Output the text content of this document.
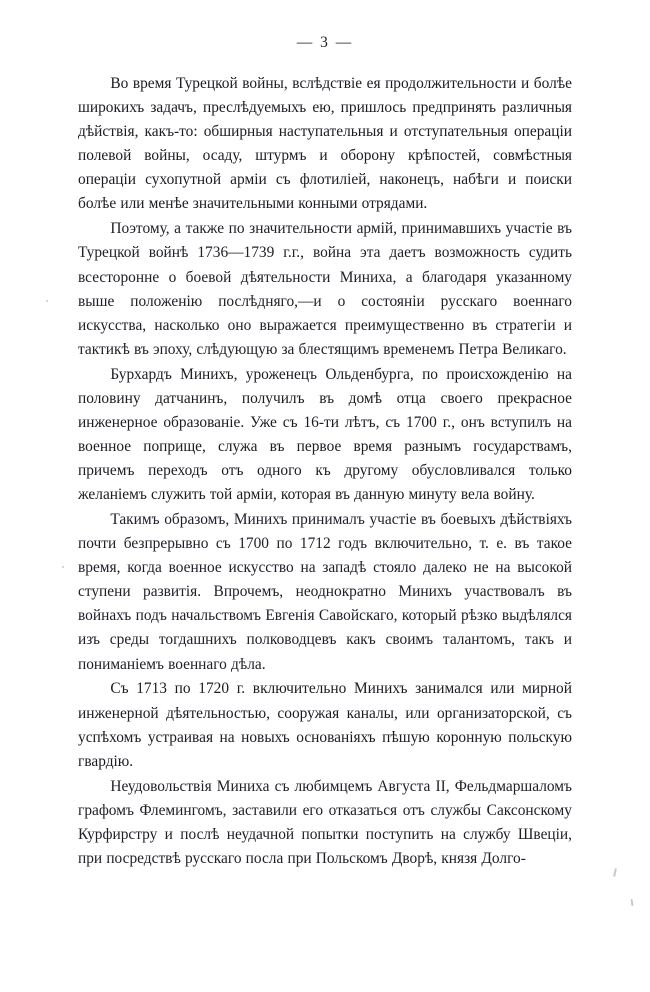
— 3 —

Во время Турецкой войны, вслѣдствіе ея продолжительности и болѣе широкихъ задачъ, преслѣдуемыхъ ею, пришлось предпринять различныя дѣйствія, какъ-то: обширныя наступательныя и отступательныя операціи полевой войны, осаду, штурмъ и оборону крѣпостей, совмѣстныя операціи сухопутной арміи съ флотиліей, наконецъ, набѣги и поиски болѣе или менѣе значительными конными отрядами.

Поэтому, а также по значительности армій, принимавшихъ участіе въ Турецкой войнѣ 1736—1739 г.г., война эта даетъ возможность судить всесторонне о боевой дѣятельности Миниха, а благодаря указанному выше положенію послѣдняго,—и о состояніи русскаго военнаго искусства, насколько оно выражается преимущественно въ стратегіи и тактикѣ въ эпоху, слѣдующую за блестящимъ временемъ Петра Великаго.

Бурхардъ Минихъ, уроженецъ Ольденбурга, по происхожденію на половину датчанинъ, получилъ въ домѣ отца своего прекрасное инженерное образованіе. Уже съ 16-ти лѣтъ, съ 1700 г., онъ вступилъ на военное поприще, служа въ первое время разнымъ государствамъ, причемъ переходъ отъ одного къ другому обусловливался только желаніемъ служить той арміи, которая въ данную минуту вела войну.

Такимъ образомъ, Минихъ принималъ участіе въ боевыхъ дѣйствіяхъ почти безпрерывно съ 1700 по 1712 годъ включительно, т. е. въ такое время, когда военное искусство на западѣ стояло далеко не на высокой ступени развитія. Впрочемъ, неоднократно Минихъ участвовалъ въ войнахъ подъ начальствомъ Евгенія Савойскаго, который рѣзко выдѣлялся изъ среды тогдашнихъ полководцевъ какъ своимъ талантомъ, такъ и пониманіемъ военнаго дѣла.

Съ 1713 по 1720 г. включительно Минихъ занимался или мирной инженерной дѣятельностью, сооружая каналы, или организаторской, съ успѣхомъ устраивая на новыхъ основаніяхъ пѣшую коронную польскую гвардію.

Неудовольствія Миниха съ любимцемъ Августа II, Фельдмаршаломъ графомъ Флемингомъ, заставили его отказаться отъ службы Саксонскому Курфирстру и послѣ неудачной попытки поступить на службу Швеціи, при посредствѣ русскаго посла при Польскомъ Дворѣ, князя Долго-
